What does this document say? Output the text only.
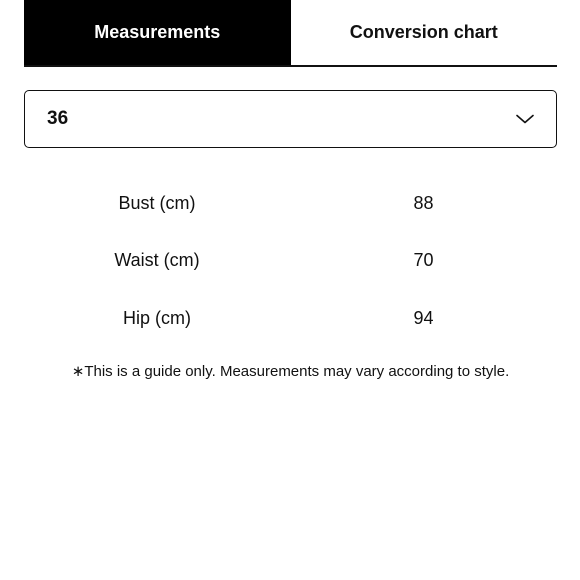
Measurements	Conversion chart
36
Bust (cm)	88
Waist (cm)	70
Hip (cm)	94

∗This is a guide only. Measurements may vary according to style.
